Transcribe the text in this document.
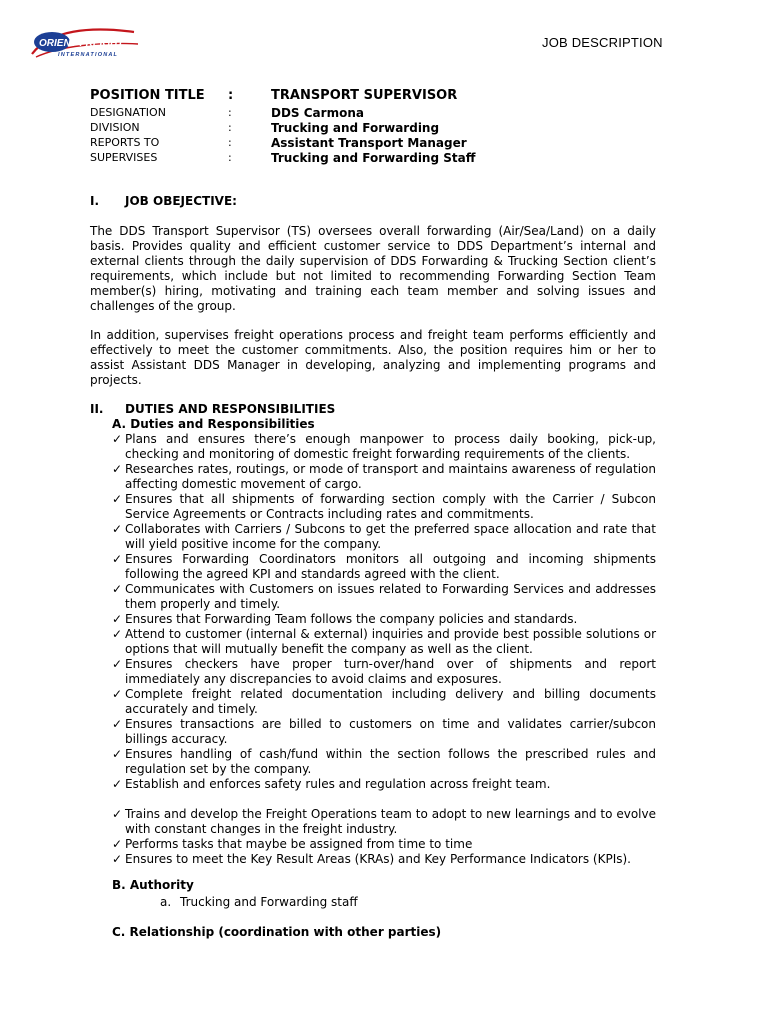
ORIENT FREIGHT
INTERNATIONAL
JOB DESCRIPTION
POSITION TITLE :	TRANSPORT SUPERVISOR
DESIGNATION	:	DDS Carmona
DIVISION	:	Trucking and Forwarding
REPORTS TO	:	Assistant Transport Manager
SUPERVISES	:	Trucking and Forwarding Staff
I. JOB OBEJECTIVE:
The DDS Transport Supervisor (TS) oversees overall forwarding (Air/Sea/Land) on a daily basis. Provides quality and efficient customer service to DDS Department’s internal and external clients through the daily supervision of DDS Forwarding & Trucking Section client’s requirements, which include but not limited to recommending Forwarding Section Team member(s) hiring, motivating and training each team member and solving issues and challenges of the group.
In addition, supervises freight operations process and freight team performs efficiently and effectively to meet the customer commitments. Also, the position requires him or her to assist Assistant DDS Manager in developing, analyzing and implementing programs and projects.
II. DUTIES AND RESPONSIBILITIES
A. Duties and Responsibilities
✓ Plans and ensures there’s enough manpower to process daily booking, pick-up, checking and monitoring of domestic freight forwarding requirements of the clients.
✓ Researches rates, routings, or mode of transport and maintains awareness of regulation affecting domestic movement of cargo.
✓ Ensures that all shipments of forwarding section comply with the Carrier / Subcon Service Agreements or Contracts including rates and commitments.
✓ Collaborates with Carriers / Subcons to get the preferred space allocation and rate that will yield positive income for the company.
✓ Ensures Forwarding Coordinators monitors all outgoing and incoming shipments following the agreed KPI and standards agreed with the client.
✓ Communicates with Customers on issues related to Forwarding Services and addresses them properly and timely.
✓ Ensures that Forwarding Team follows the company policies and standards.
✓ Attend to customer (internal & external) inquiries and provide best possible solutions or options that will mutually benefit the company as well as the client.
✓ Ensures checkers have proper turn-over/hand over of shipments and report immediately any discrepancies to avoid claims and exposures.
✓ Complete freight related documentation including delivery and billing documents accurately and timely.
✓ Ensures transactions are billed to customers on time and validates carrier/subcon billings accuracy.
✓ Ensures handling of cash/fund within the section follows the prescribed rules and regulation set by the company.
✓ Establish and enforces safety rules and regulation across freight team.
✓ Trains and develop the Freight Operations team to adopt to new learnings and to evolve with constant changes in the freight industry.
✓ Performs tasks that maybe be assigned from time to time
✓ Ensures to meet the Key Result Areas (KRAs) and Key Performance Indicators (KPIs).
B. Authority
a. Trucking and Forwarding staff
C. Relationship (coordination with other parties)
